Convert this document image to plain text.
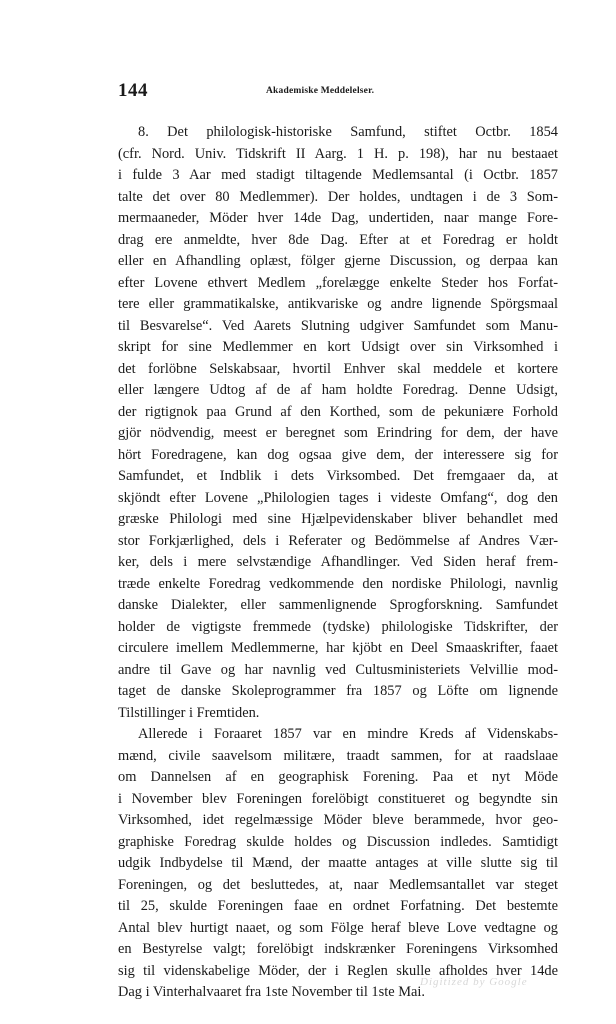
144	Akademiske Meddelelser.
8. Det philologisk-historiske Samfund, stiftet Octbr. 1854
(cfr. Nord. Univ. Tidskrift II Aarg. 1 H. p. 198), har nu bestaaet
i fulde 3 Aar med stadigt tiltagende Medlemsantal (i Octbr. 1857
talte det over 80 Medlemmer). Der holdes, undtagen i de 3 Som-
mermaaneder, Möder hver 14de Dag, undertiden, naar mange Fore-
drag ere anmeldte, hver 8de Dag. Efter at et Foredrag er holdt
eller en Afhandling oplæst, fölger gjerne Discussion, og derpaa kan
efter Lovene ethvert Medlem „forelægge enkelte Steder hos Forfat-
tere eller grammatikalske, antikvariske og andre lignende Spörgsmaal
til Besvarelse“. Ved Aarets Slutning udgiver Samfundet som Manu-
skript for sine Medlemmer en kort Udsigt over sin Virksomhed i
det forlöbne Selskabsaar, hvortil Enhver skal meddele et kortere
eller længere Udtog af de af ham holdte Foredrag. Denne Udsigt,
der rigtignok paa Grund af den Korthed, som de pekuniære Forhold
gjör nödvendig, meest er beregnet som Erindring for dem, der have
hört Foredragene, kan dog ogsaa give dem, der interessere sig for
Samfundet, et Indblik i dets Virksombed. Det fremgaaer da, at
skjöndt efter Lovene „Philologien tages i videste Omfang“, dog den
græske Philologi med sine Hjælpevidenskaber bliver behandlet med
stor Forkjærlighed, dels i Referater og Bedömmelse af Andres Vær-
ker, dels i mere selvstændige Afhandlinger. Ved Siden heraf frem-
træde enkelte Foredrag vedkommende den nordiske Philologi, navnlig
danske Dialekter, eller sammenlignende Sprogforskning. Samfundet
holder de vigtigste fremmede (tydske) philologiske Tidskrifter, der
circulere imellem Medlemmerne, har kjöbt en Deel Smaaskrifter, faaet
andre til Gave og har navnlig ved Cultusministeriets Velvillie mod-
taget de danske Skoleprogrammer fra 1857 og Löfte om lignende
Tilstillinger i Fremtiden.
Allerede i Foraaret 1857 var en mindre Kreds af Videnskabs-
mænd, civile saavelsom militære, traadt sammen, for at raadslaae
om Dannelsen af en geographisk Forening. Paa et nyt Möde
i November blev Foreningen forelöbigt constitueret og begyndte sin
Virksomhed, idet regelmæssige Möder bleve berammede, hvor geo-
graphiske Foredrag skulde holdes og Discussion indledes. Samtidigt
udgik Indbydelse til Mænd, der maatte antages at ville slutte sig til
Foreningen, og det besluttedes, at, naar Medlemsantallet var steget
til 25, skulde Foreningen faae en ordnet Forfatning. Det bestemte
Antal blev hurtigt naaet, og som Fölge heraf bleve Love vedtagne og
en Bestyrelse valgt; forelöbigt indskrænker Foreningens Virksomhed
sig til videnskabelige Möder, der i Reglen skulle afholdes hver 14de
Dag i Vinterhalvaaret fra 1ste November til 1ste Mai.
Digitized by Google
